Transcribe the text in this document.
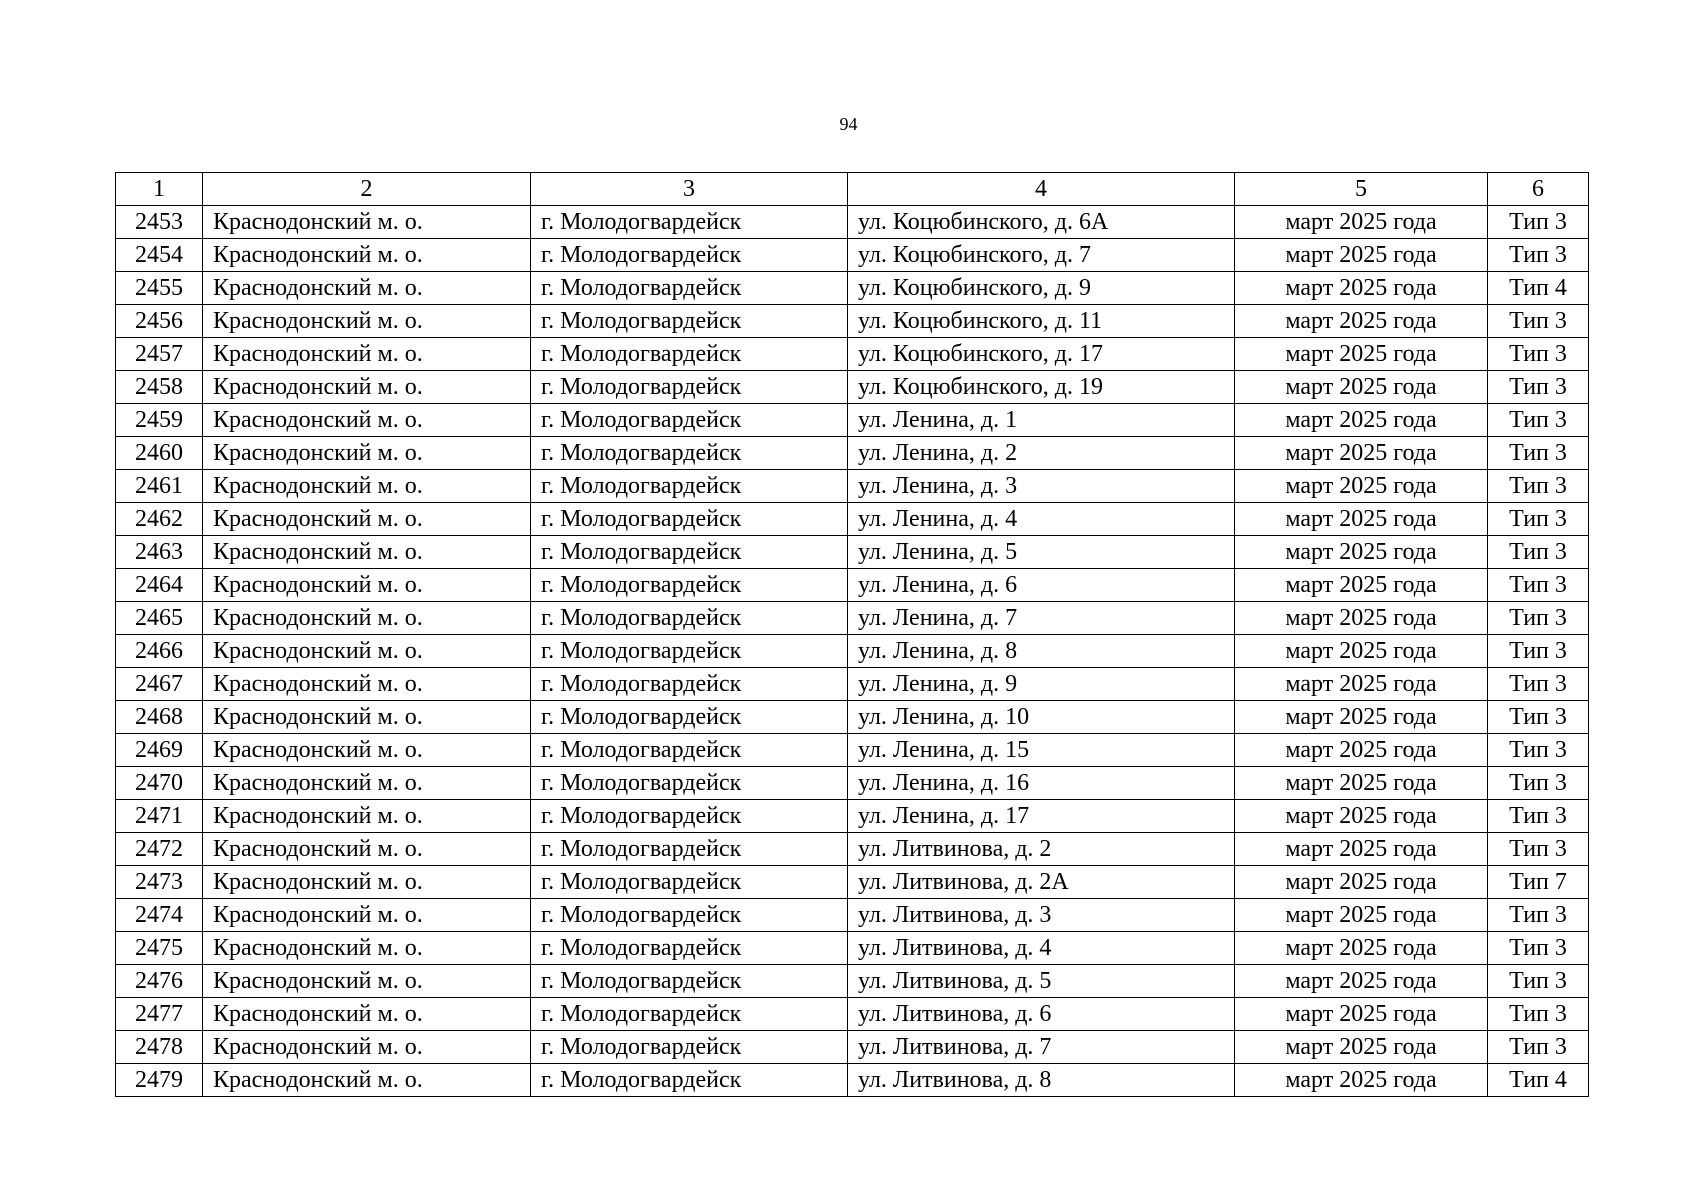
94
1	2	3	4	5	6
2453	Краснодонский м. о.	г. Молодогвардейск	ул. Коцюбинского, д. 6А	март 2025 года	Тип 3
2454	Краснодонский м. о.	г. Молодогвардейск	ул. Коцюбинского, д. 7	март 2025 года	Тип 3
2455	Краснодонский м. о.	г. Молодогвардейск	ул. Коцюбинского, д. 9	март 2025 года	Тип 4
2456	Краснодонский м. о.	г. Молодогвардейск	ул. Коцюбинского, д. 11	март 2025 года	Тип 3
2457	Краснодонский м. о.	г. Молодогвардейск	ул. Коцюбинского, д. 17	март 2025 года	Тип 3
2458	Краснодонский м. о.	г. Молодогвардейск	ул. Коцюбинского, д. 19	март 2025 года	Тип 3
2459	Краснодонский м. о.	г. Молодогвардейск	ул. Ленина, д. 1	март 2025 года	Тип 3
2460	Краснодонский м. о.	г. Молодогвардейск	ул. Ленина, д. 2	март 2025 года	Тип 3
2461	Краснодонский м. о.	г. Молодогвардейск	ул. Ленина, д. 3	март 2025 года	Тип 3
2462	Краснодонский м. о.	г. Молодогвардейск	ул. Ленина, д. 4	март 2025 года	Тип 3
2463	Краснодонский м. о.	г. Молодогвардейск	ул. Ленина, д. 5	март 2025 года	Тип 3
2464	Краснодонский м. о.	г. Молодогвардейск	ул. Ленина, д. 6	март 2025 года	Тип 3
2465	Краснодонский м. о.	г. Молодогвардейск	ул. Ленина, д. 7	март 2025 года	Тип 3
2466	Краснодонский м. о.	г. Молодогвардейск	ул. Ленина, д. 8	март 2025 года	Тип 3
2467	Краснодонский м. о.	г. Молодогвардейск	ул. Ленина, д. 9	март 2025 года	Тип 3
2468	Краснодонский м. о.	г. Молодогвардейск	ул. Ленина, д. 10	март 2025 года	Тип 3
2469	Краснодонский м. о.	г. Молодогвардейск	ул. Ленина, д. 15	март 2025 года	Тип 3
2470	Краснодонский м. о.	г. Молодогвардейск	ул. Ленина, д. 16	март 2025 года	Тип 3
2471	Краснодонский м. о.	г. Молодогвардейск	ул. Ленина, д. 17	март 2025 года	Тип 3
2472	Краснодонский м. о.	г. Молодогвардейск	ул. Литвинова, д. 2	март 2025 года	Тип 3
2473	Краснодонский м. о.	г. Молодогвардейск	ул. Литвинова, д. 2А	март 2025 года	Тип 7
2474	Краснодонский м. о.	г. Молодогвардейск	ул. Литвинова, д. 3	март 2025 года	Тип 3
2475	Краснодонский м. о.	г. Молодогвардейск	ул. Литвинова, д. 4	март 2025 года	Тип 3
2476	Краснодонский м. о.	г. Молодогвардейск	ул. Литвинова, д. 5	март 2025 года	Тип 3
2477	Краснодонский м. о.	г. Молодогвардейск	ул. Литвинова, д. 6	март 2025 года	Тип 3
2478	Краснодонский м. о.	г. Молодогвардейск	ул. Литвинова, д. 7	март 2025 года	Тип 3
2479	Краснодонский м. о.	г. Молодогвардейск	ул. Литвинова, д. 8	март 2025 года	Тип 4
